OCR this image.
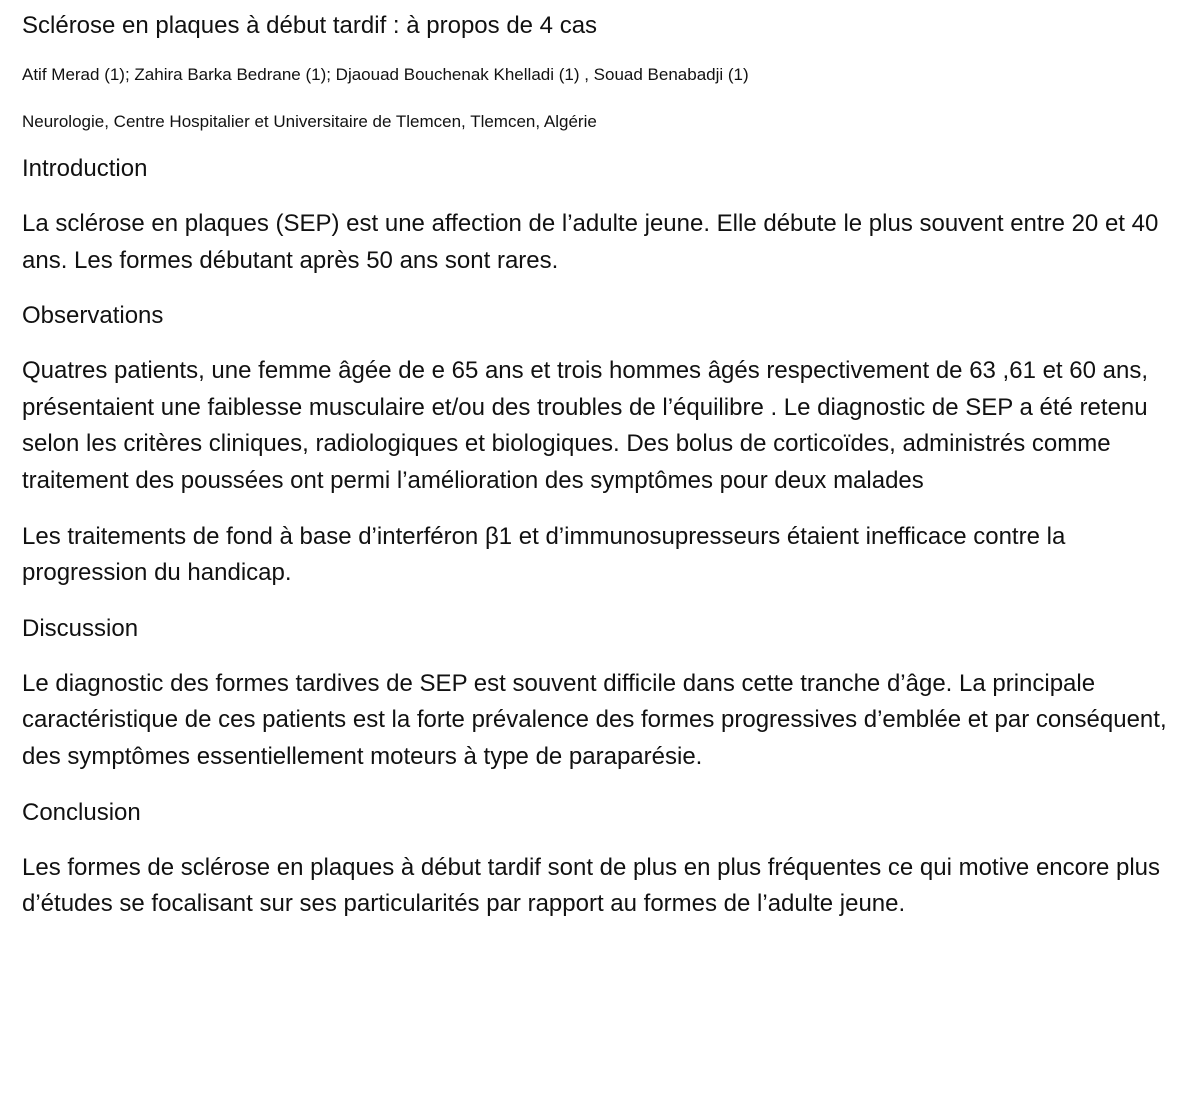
Sclérose en plaques à début tardif : à propos de 4 cas
Atif Merad (1); Zahira Barka Bedrane (1); Djaouad Bouchenak Khelladi (1) , Souad Benabadji (1)
Neurologie, Centre Hospitalier et Universitaire de Tlemcen, Tlemcen, Algérie
Introduction
La sclérose en plaques (SEP) est une affection de l’adulte jeune. Elle débute le plus souvent entre 20 et 40 ans. Les formes débutant après 50 ans sont rares.
Observations
Quatres patients, une femme âgée de e 65 ans et trois hommes âgés respectivement de 63 ,61 et 60 ans, présentaient une faiblesse musculaire et/ou des troubles de l’équilibre . Le diagnostic de SEP a été retenu selon les critères cliniques, radiologiques et biologiques. Des bolus de corticoïdes, administrés comme traitement des poussées ont permi l’amélioration des symptômes pour deux malades
Les traitements de fond à base d’interféron β1 et d’immunosupresseurs étaient inefficace contre la progression du handicap.
Discussion
Le diagnostic des formes tardives de SEP est souvent difficile dans cette tranche d’âge. La principale caractéristique de ces patients est la forte prévalence des formes progressives d’emblée et par conséquent, des symptômes essentiellement moteurs à type de paraparésie.
Conclusion
Les formes de sclérose en plaques à début tardif sont de plus en plus fréquentes ce qui motive encore plus d’études se focalisant sur ses particularités par rapport au formes de l’adulte jeune.
